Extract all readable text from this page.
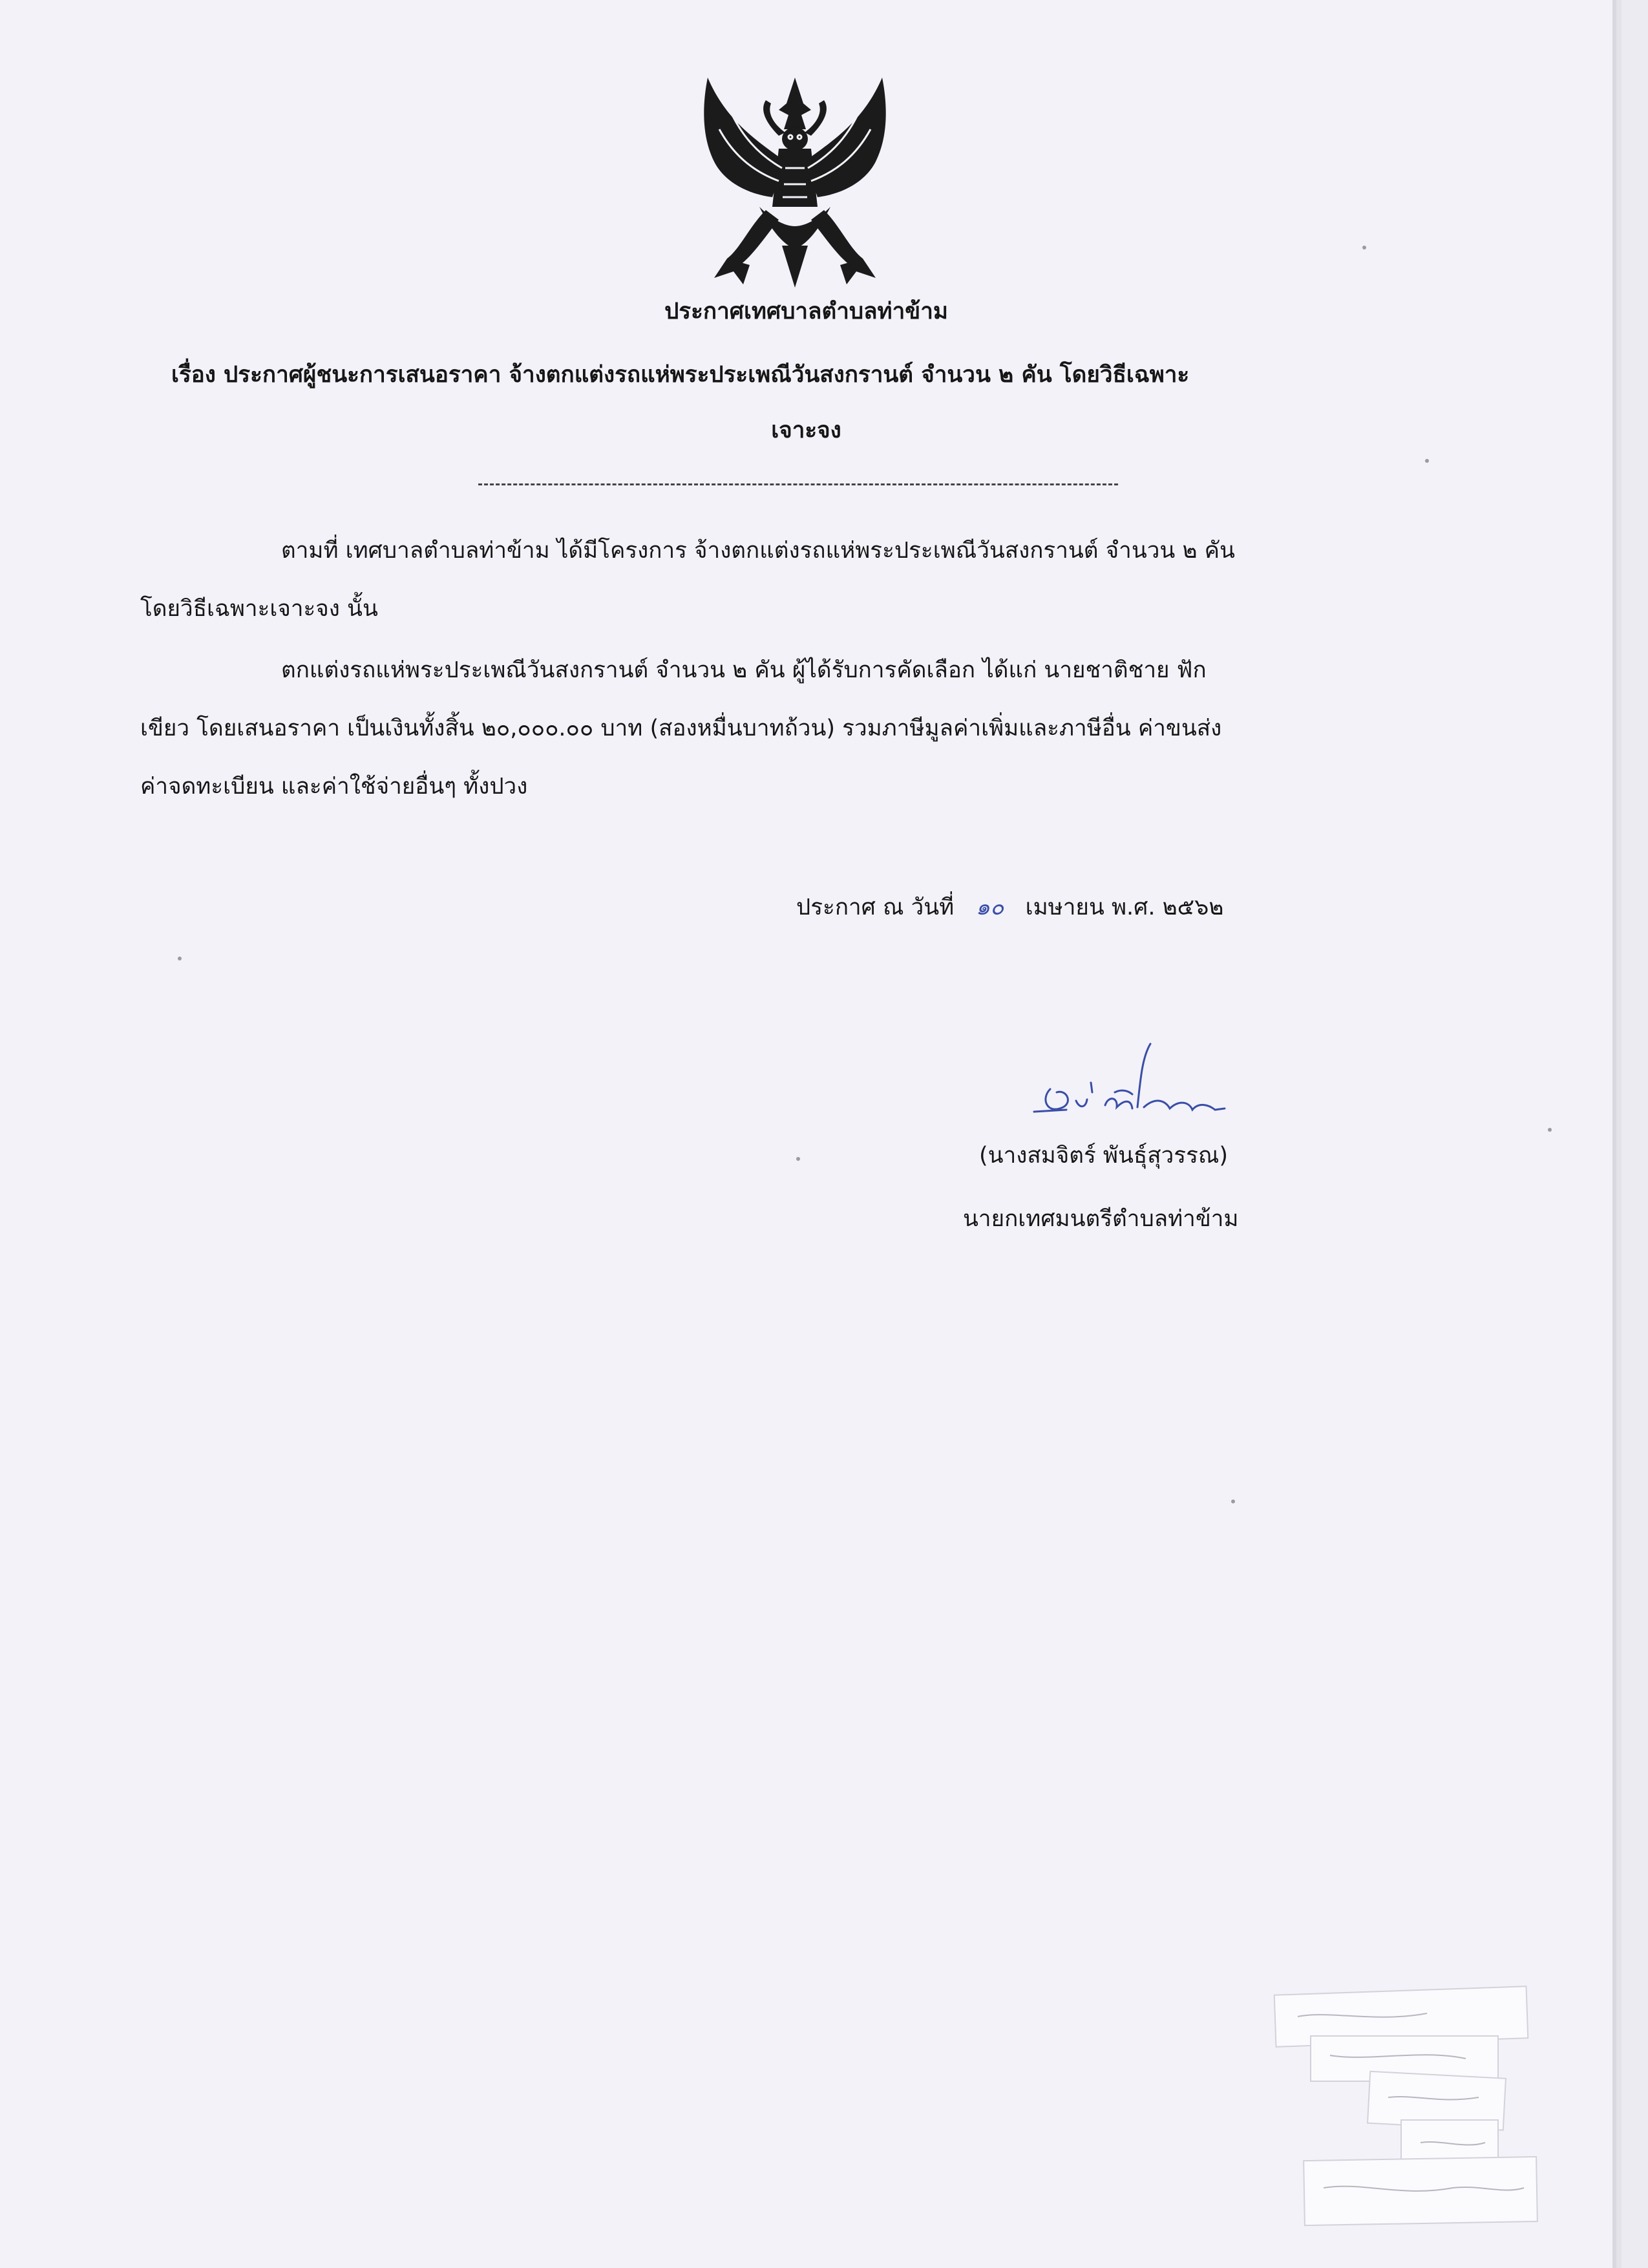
ประกาศเทศบาลตำบลท่าข้าม
เรื่อง ประกาศผู้ชนะการเสนอราคา จ้างตกแต่งรถแห่พระประเพณีวันสงกรานต์ จำนวน ๒ คัน โดยวิธีเฉพาะ
เจาะจง
ตามที่ เทศบาลตำบลท่าข้าม ได้มีโครงการ จ้างตกแต่งรถแห่พระประเพณีวันสงกรานต์ จำนวน ๒ คัน
โดยวิธีเฉพาะเจาะจง นั้น
ตกแต่งรถแห่พระประเพณีวันสงกรานต์ จำนวน ๒ คัน ผู้ได้รับการคัดเลือก ได้แก่ นายชาติชาย ฟัก
เขียว โดยเสนอราคา เป็นเงินทั้งสิ้น ๒๐,๐๐๐.๐๐ บาท (สองหมื่นบาทถ้วน) รวมภาษีมูลค่าเพิ่มและภาษีอื่น ค่าขนส่ง
ค่าจดทะเบียน และค่าใช้จ่ายอื่นๆ ทั้งปวง
ประกาศ ณ วันที่ ๑๐ เมษายน พ.ศ. ๒๕๖๒
(นางสมจิตร์ พันธุ์สุวรรณ)
นายกเทศมนตรีตำบลท่าข้าม
